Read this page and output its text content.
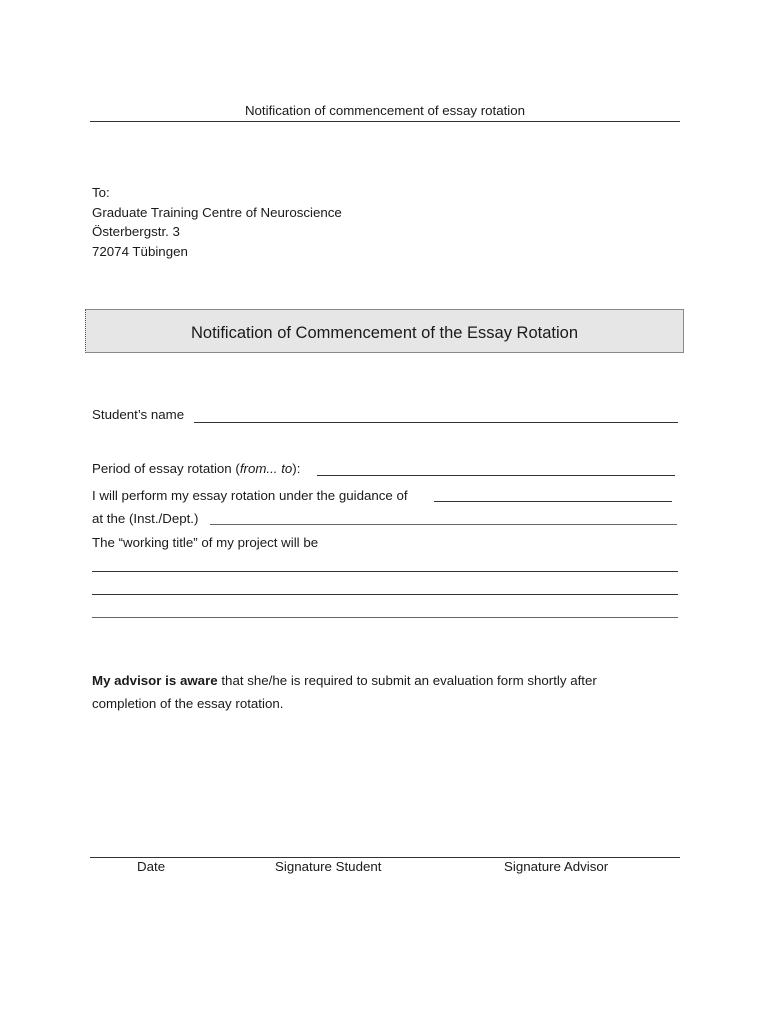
Notification of commencement of essay rotation
To:
Graduate Training Centre of Neuroscience
Österbergstr. 3
72074 Tübingen
Notification of Commencement of the Essay Rotation
Student’s name
Period of essay rotation (from... to):
I will perform my essay rotation under the guidance of
at the (Inst./Dept.)
The “working title” of my project will be
My advisor is aware that she/he is required to submit an evaluation form shortly after
completion of the essay rotation.
Date	Signature Student	Signature Advisor
